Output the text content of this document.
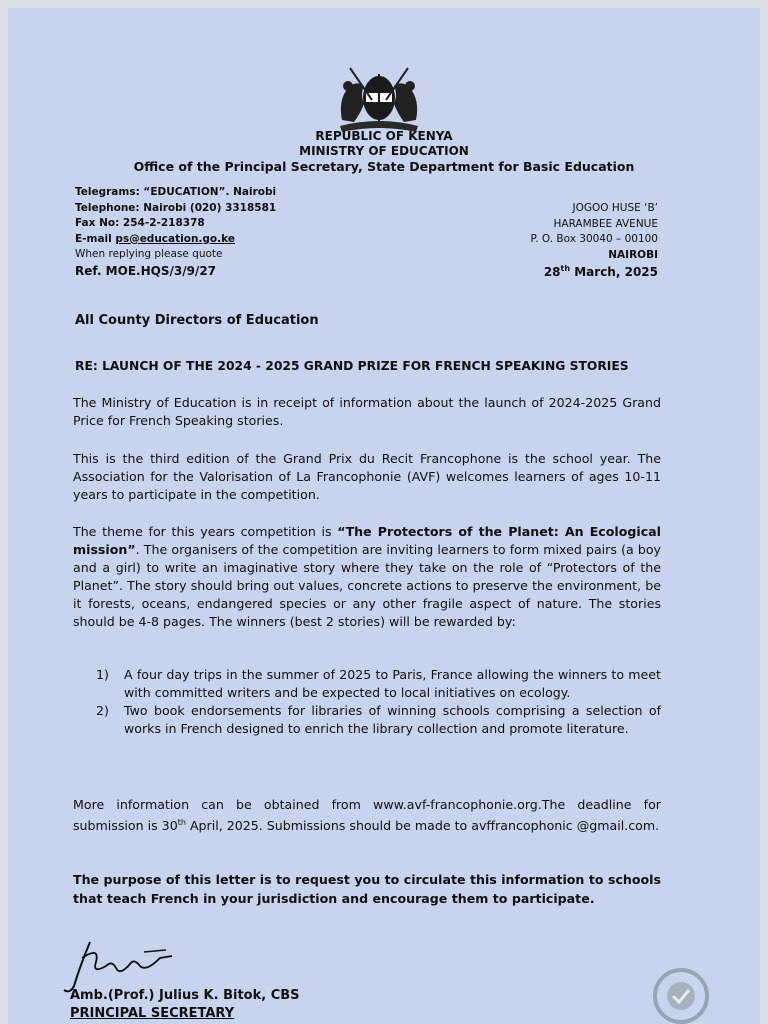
REPUBLIC OF KENYA
MINISTRY OF EDUCATION
Office of the Principal Secretary, State Department for Basic Education
Telegrams: “EDUCATION”. Nairobi
Telephone: Nairobi (020) 3318581
Fax No: 254-2-218378
E-mail ps@education.go.ke
When replying please quote
JOGOO HUSE ‘B’
HARAMBEE AVENUE
P. O. Box 30040 – 00100
NAIROBI
Ref. MOE.HQS/3/9/27	28th March, 2025
All County Directors of Education
RE: LAUNCH OF THE 2024 - 2025 GRAND PRIZE FOR FRENCH SPEAKING STORIES
The Ministry of Education is in receipt of information about the launch of 2024-2025 Grand Price for French Speaking stories.
This is the third edition of the Grand Prix du Recit Francophone is the school year. The Association for the Valorisation of La Francophonie (AVF) welcomes learners of ages 10-11 years to participate in the competition.
The theme for this years competition is “The Protectors of the Planet: An Ecological mission”. The organisers of the competition are inviting learners to form mixed pairs (a boy and a girl) to write an imaginative story where they take on the role of “Protectors of the Planet”. The story should bring out values, concrete actions to preserve the environment, be it forests, oceans, endangered species or any other fragile aspect of nature. The stories should be 4-8 pages. The winners (best 2 stories) will be rewarded by:
1) A four day trips in the summer of 2025 to Paris, France allowing the winners to meet with committed writers and be expected to local initiatives on ecology.
2) Two book endorsements for libraries of winning schools comprising a selection of works in French designed to enrich the library collection and promote literature.
More information can be obtained from www.avf-francophonie.org.The deadline for submission is 30th April, 2025. Submissions should be made to avffrancophonic @gmail.com.
The purpose of this letter is to request you to circulate this information to schools that teach French in your jurisdiction and encourage them to participate.
Amb.(Prof.) Julius K. Bitok, CBS
PRINCIPAL SECRETARY
